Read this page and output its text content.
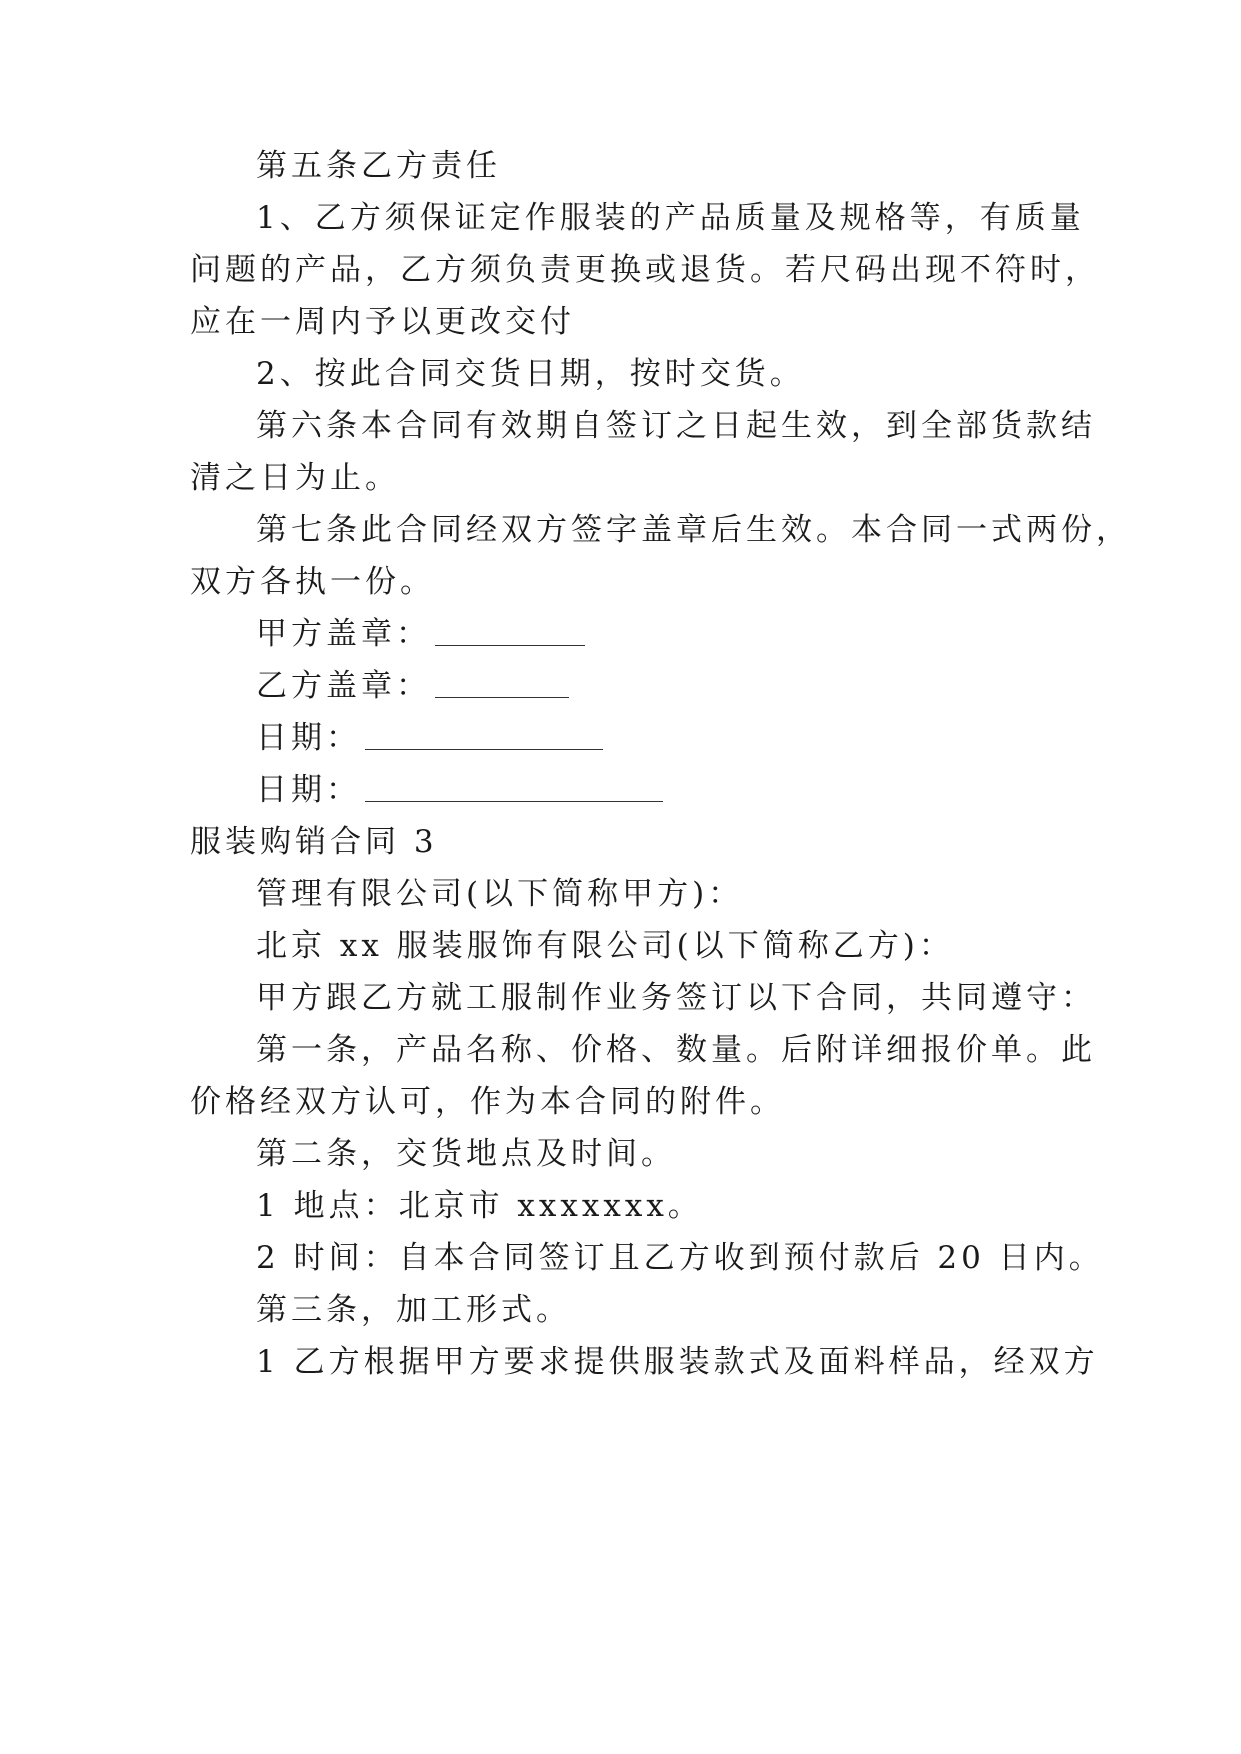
第五条乙方责任
1、乙方须保证定作服装的产品质量及规格等，有质量
问题的产品，乙方须负责更换或退货。若尺码出现不符时，
应在一周内予以更改交付
2、按此合同交货日期，按时交货。
第六条本合同有效期自签订之日起生效，到全部货款结
清之日为止。
第七条此合同经双方签字盖章后生效。本合同一式两份，
双方各执一份。
甲方盖章：
乙方盖章：
日期：
日期：
服装购销合同 3
管理有限公司(以下简称甲方)：
北京 xx 服装服饰有限公司(以下简称乙方)：
甲方跟乙方就工服制作业务签订以下合同，共同遵守：
第一条，产品名称、价格、数量。后附详细报价单。此
价格经双方认可，作为本合同的附件。
第二条，交货地点及时间。
1 地点：北京市 xxxxxxx。
2 时间：自本合同签订且乙方收到预付款后 20 日内。
第三条，加工形式。
1 乙方根据甲方要求提供服装款式及面料样品，经双方
